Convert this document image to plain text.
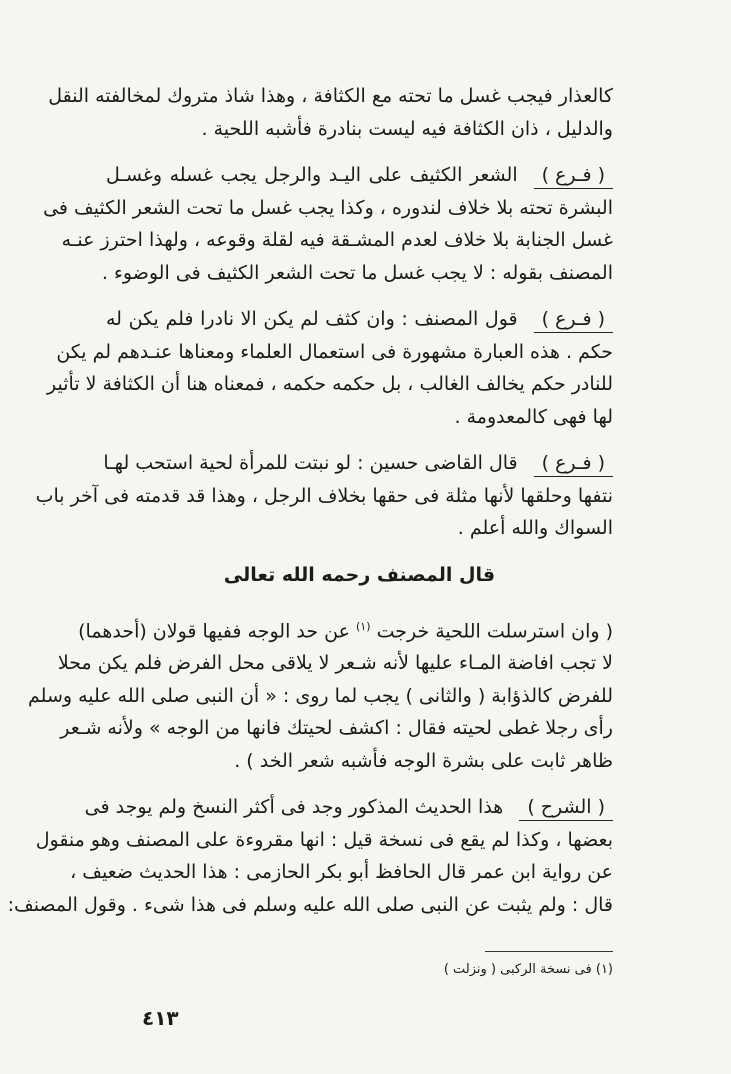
كالعذار فيجب غسل ما تحته مع الكثافة ، وهذا شاذ متروك لمخالفته النقل
والدليل ، ذان الكثافة فيه ليست بنادرة فأشبه اللحية .
( فـرع )الشعر الكثيف على اليـد والرجل يجب غسله وغسـل
البشرة تحته بلا خلاف لندوره ، وكذا يجب غسل ما تحت الشعر الكثيف فى
غسل الجنابة بلا خلاف لعدم المشـقة فيه لقلة وقوعه ، ولهذا احترز عنـه
المصنف بقوله : لا يجب غسل ما تحت الشعر الكثيف فى الوضوء .
( فـرع )قول المصنف : وان كثف لم يكن الا نادرا فلم يكن له
حكم . هذه العبارة مشهورة فى استعمال العلماء ومعناها عنـدهم لم يكن
للنادر حكم يخالف الغالب ، بل حكمه حكمه ، فمعناه هنا أن الكثافة لا تأثير
لها فهى كالمعدومة .
( فـرع )قال القاضى حسين : لو نبتت للمرأة لحية استحب لهـا
نتفها وحلقها لأنها مثلة فى حقها بخلاف الرجل ، وهذا قد قدمته فى آخر باب
السواك والله أعلم .
قال المصنف رحمه الله تعالى
( وان استرسلت اللحية خرجت $^{(١)}$ عن حد الوجه ففيها قولان (أحدهما)
لا تجب افاضة المـاء عليها لأنه شـعر لا يلاقى محل الفرض فلم يكن محلا
للفرض كالذؤابة ( والثانى ) يجب لما روى : « أن النبى صلى الله عليه وسلم
رأى رجلا غطى لحيته فقال : اكشف لحيتك فانها من الوجه » ولأنه شـعر
ظاهر ثابت على بشرة الوجه فأشبه شعر الخد ) .
( الشرح )هذا الحديث المذكور وجد فى أكثر النسخ ولم يوجد فى
بعضها ، وكذا لم يقع فى نسخة قيل : انها مقروءة على المصنف وهو منقول
عن رواية ابن عمر قال الحافظ أبو بكر الحازمى : هذا الحديث ضعيف ،
قال : ولم يثبت عن النبى صلى الله عليه وسلم فى هذا شىء . وقول المصنف:
(١) فى نسخة الركبى ( ونزلت )
٤١٣
